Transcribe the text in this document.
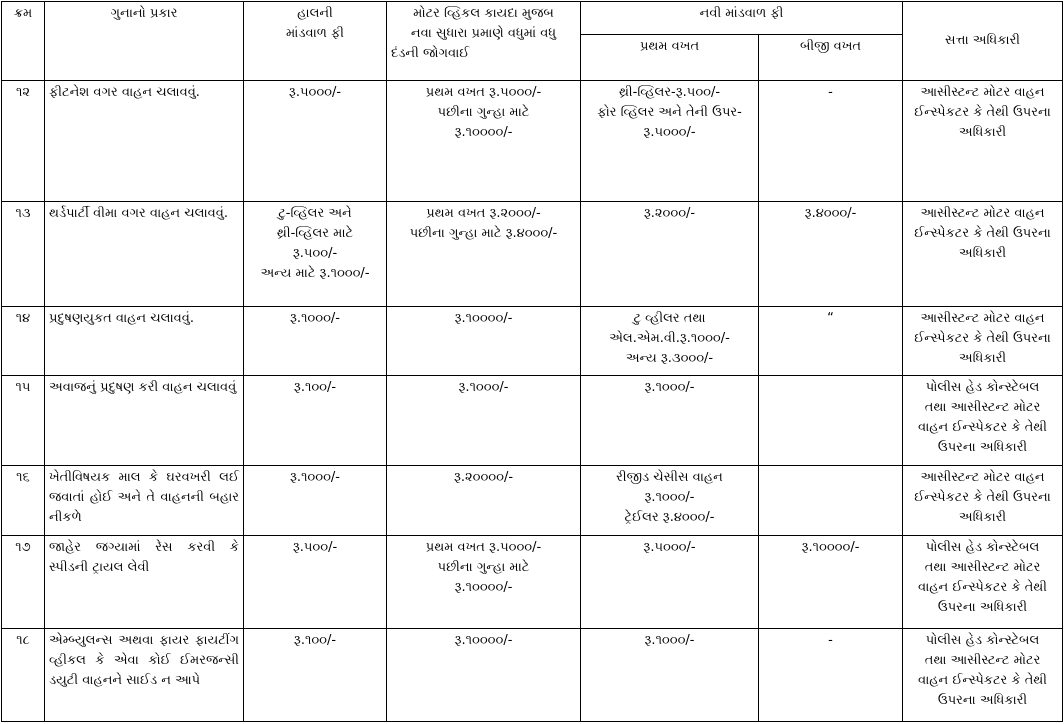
ક્રમ	ગુનાનો પ્રકાર	હાલની
માંડવાળ ફી	મોટર વ્હિકલ કાયદા મુજબ
નવા સુધારા પ્રમાણે વધુમાં વધુ
દંડની જોગવાઈ	નવી માંડવાળ ફી		સત્તા અધિકારી
				પ્રથમ વખત	બીજી વખત	
૧૨	ફીટનેશ વગર વાહન ચલાવવું.	રૂ.૫૦૦૦/-	પ્રથમ વખત રૂ.૫૦૦૦/-
પછીના ગુન્હા માટે
રૂ.૧૦૦૦૦/-	થ્રી-વ્હિલર-રૂ.૫૦૦/-
ફોર વ્હિલર અને તેની ઉપર-
રૂ.૫૦૦૦/-	-	આસીસ્ટન્ટ મોટર વાહન
ઈન્સ્પેકટર કે તેથી ઉપરના
અધિકારી

૧૩	થર્ડપાર્ટી વીમા વગર વાહન ચલાવવું.	ટુ-વ્હિલર અને
થ્રી-વ્હિલર માટે
રૂ.૫૦૦/-
અન્ય માટે રૂ.૧૦૦૦/-	પ્રથમ વખત રૂ.૨૦૦૦/-
પછીના ગુન્હા માટે રૂ.૪૦૦૦/-	રૂ.૨૦૦૦/-	રૂ.૪૦૦૦/-	આસીસ્ટન્ટ મોટર વાહન
ઈન્સ્પેકટર કે તેથી ઉપરના
અધિકારી

૧૪	પ્રદુષણયુકત વાહન ચલાવવું.	રૂ.૧૦૦૦/-	રૂ.૧૦૦૦૦/-	ટુ વ્હીલર તથા
એલ.એમ.વી.રૂ.૧૦૦૦/-
અન્ય રૂ.૩૦૦૦/-	“	આસીસ્ટન્ટ મોટર વાહન
ઈન્સ્પેકટર કે તેથી ઉપરના
અધિકારી

૧૫	અવાજનું પ્રદુષણ કરી વાહન ચલાવવું	રૂ.૧૦૦/-	રૂ.૧૦૦૦/-	રૂ.૧૦૦૦/-		પોલીસ હેડ કોન્સ્ટેબલ
તથા આસીસ્ટન્ટ મોટર
વાહન ઈન્સ્પેકટર કે તેથી
ઉપરના અધિકારી

૧૬	ખેતીવિષયક માલ કે ઘરવખરી લઈ જવાતાં હોઈ અને તે વાહનની બહાર નીકળે	રૂ.૧૦૦૦/-	રૂ.૨૦૦૦૦/-	રીજીડ ચેસીસ વાહન
રૂ.૧૦૦૦/-
ટ્રેઈલર રૂ.૪૦૦૦/-		આસીસ્ટન્ટ મોટર વાહન
ઈન્સ્પેકટર કે તેથી ઉપરના
અધિકારી

૧૭	જાહેર જગ્યામાં રેસ કરવી કે સ્પીડની ટ્રાયલ લેવી	રૂ.૫૦૦/-	પ્રથમ વખત રૂ.૫૦૦૦/-
પછીના ગુન્હા માટે
રૂ.૧૦૦૦૦/-	રૂ.૫૦૦૦/-	રૂ.૧૦૦૦૦/-	પોલીસ હેડ કોન્સ્ટેબલ
તથા આસીસ્ટન્ટ મોટર
વાહન ઈન્સ્પેકટર કે તેથી
ઉપરના અધિકારી

૧૮	એમ્બ્યુલન્સ અથવા ફાયર ફાયટીંગ વ્હીકલ કે એવા કોઈ ઈમરજન્સી ડયુટી વાહનને સાઈડ ન આપે	રૂ.૧૦૦/-	રૂ.૧૦૦૦૦/-	રૂ.૧૦૦૦/-	-	પોલીસ હેડ કોન્સ્ટેબલ
તથા આસીસ્ટન્ટ મોટર
વાહન ઈન્સ્પેકટર કે તેથી
ઉપરના અધિકારી
